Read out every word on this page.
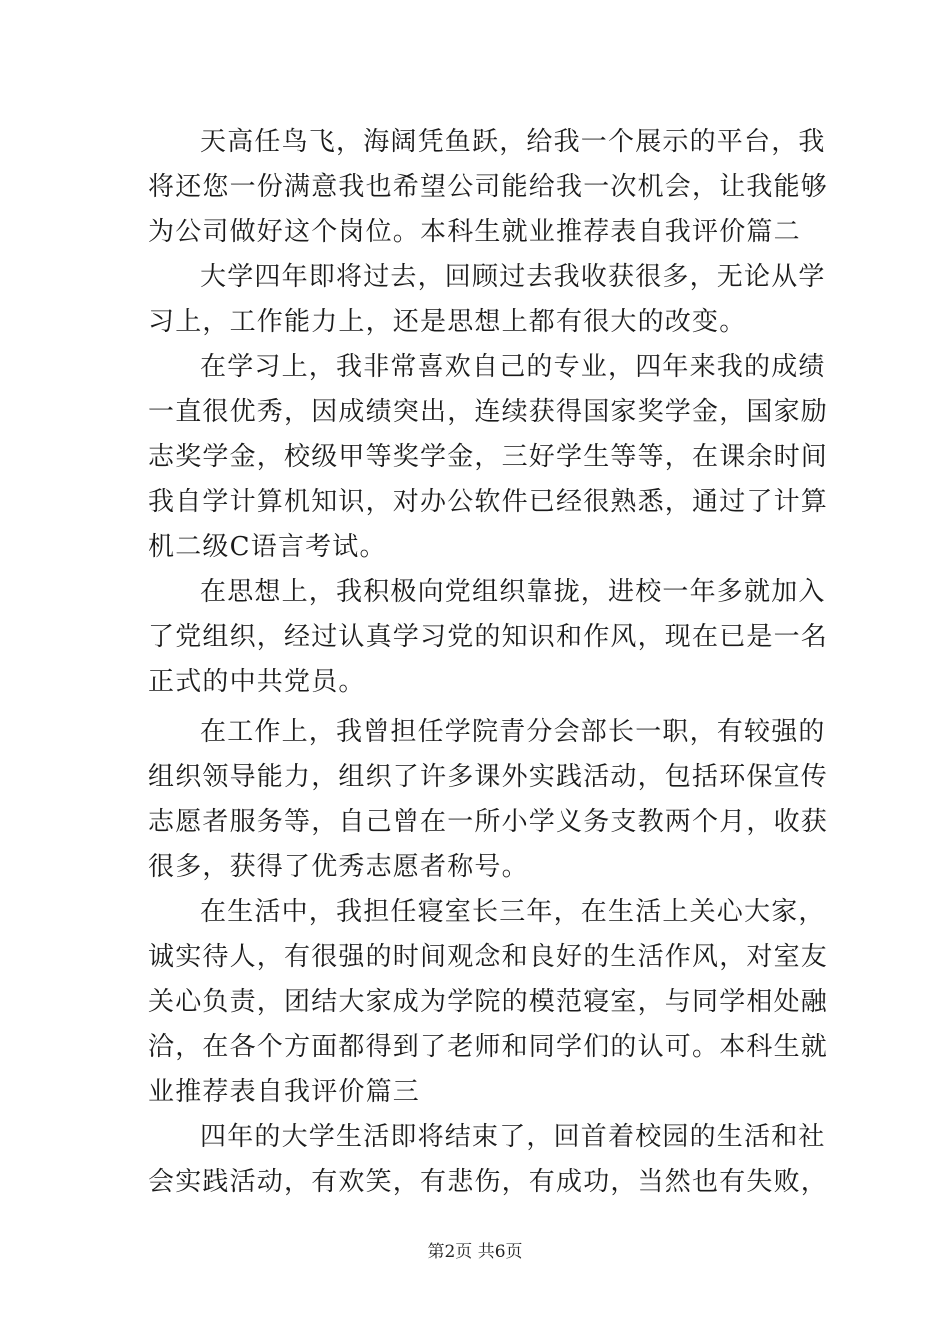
天高任鸟飞，海阔凭鱼跃，给我一个展示的平台，我
将还您一份满意我也希望公司能给我一次机会，让我能够
为公司做好这个岗位。本科生就业推荐表自我评价篇二
大学四年即将过去，回顾过去我收获很多，无论从学
习上，工作能力上，还是思想上都有很大的改变。
在学习上，我非常喜欢自己的专业，四年来我的成绩
一直很优秀，因成绩突出，连续获得国家奖学金，国家励
志奖学金，校级甲等奖学金，三好学生等等，在课余时间
我自学计算机知识，对办公软件已经很熟悉，通过了计算
机二级C语言考试。
在思想上，我积极向党组织靠拢，进校一年多就加入
了党组织，经过认真学习党的知识和作风，现在已是一名
正式的中共党员。
在工作上，我曾担任学院青分会部长一职，有较强的
组织领导能力，组织了许多课外实践活动，包括环保宣传
志愿者服务等，自己曾在一所小学义务支教两个月，收获
很多，获得了优秀志愿者称号。
在生活中，我担任寝室长三年，在生活上关心大家，
诚实待人，有很强的时间观念和良好的生活作风，对室友
关心负责，团结大家成为学院的模范寝室，与同学相处融
洽，在各个方面都得到了老师和同学们的认可。本科生就
业推荐表自我评价篇三
四年的大学生活即将结束了，回首着校园的生活和社
会实践活动，有欢笑，有悲伤，有成功，当然也有失败，
第2页 共6页
